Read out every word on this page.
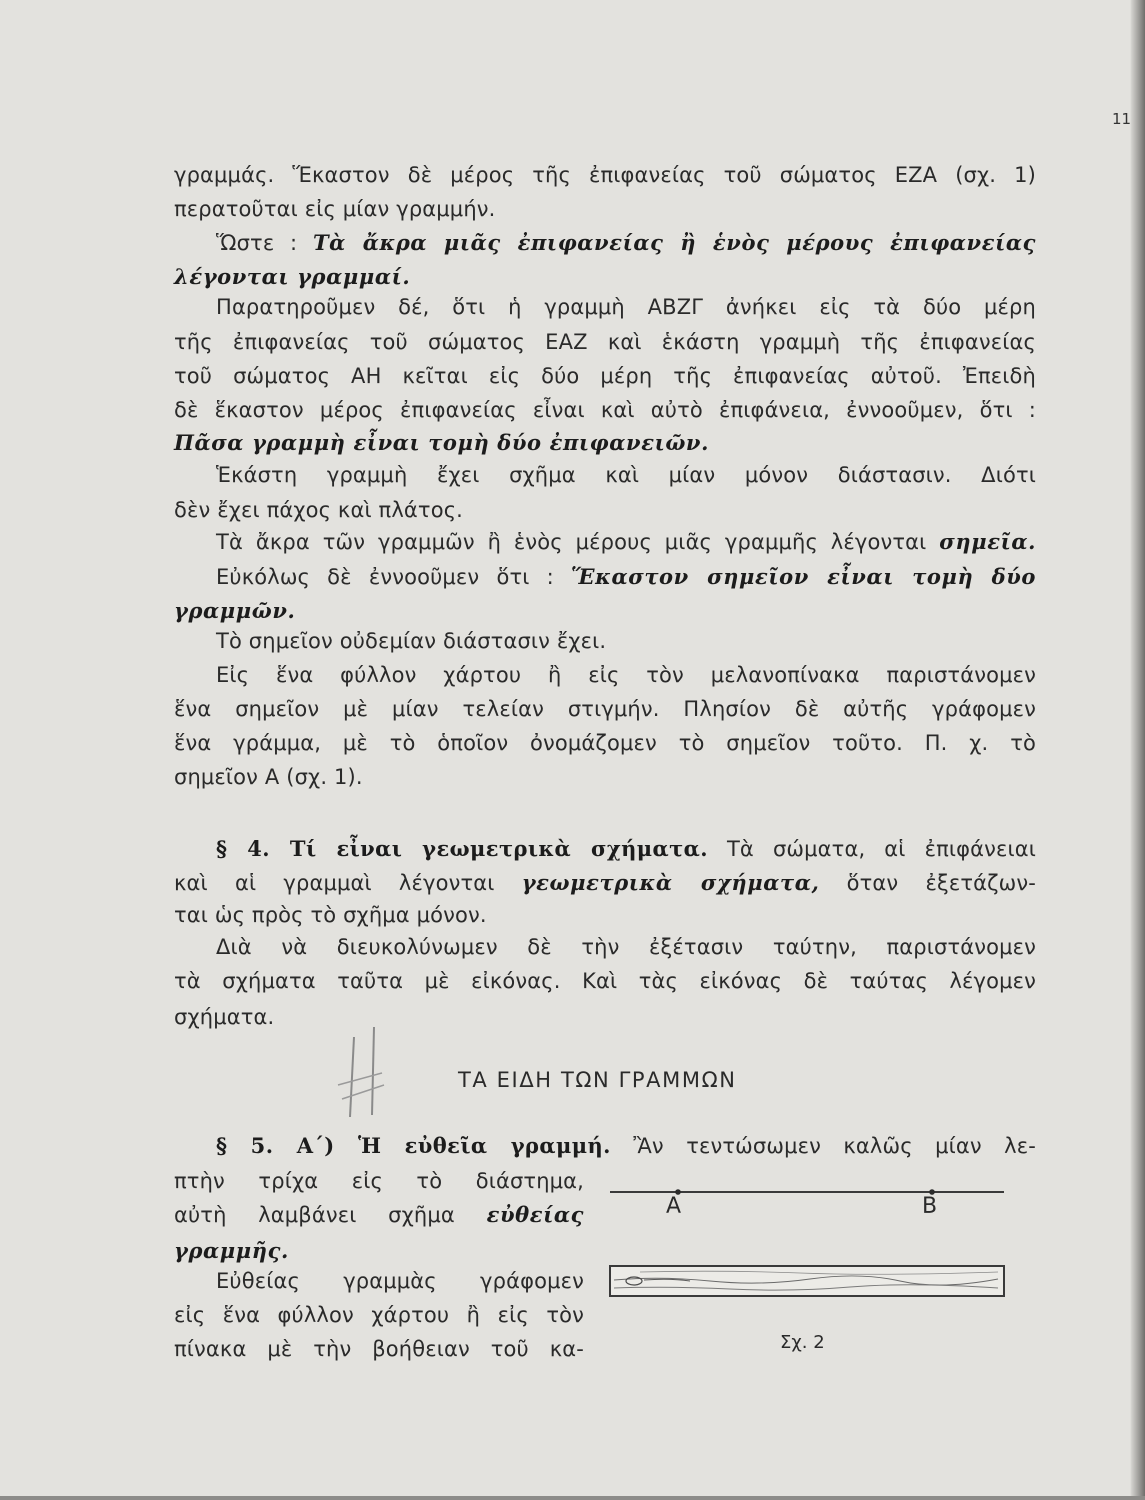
11
γραμμάς. Ἕκαστον δὲ μέρος τῆς ἐπιφανείας τοῦ σώματος ΕΖΑ (σχ. 1)
περατοῦται εἰς μίαν γραμμήν.
Ὥστε : Τὰ ἄκρα μιᾶς ἐπιφανείας ἢ ἑνὸς μέρους ἐπιφανείας
λέγονται γραμμαί.
Παρατηροῦμεν δέ, ὅτι ἡ γραμμὴ ΑΒΖΓ ἀνήκει εἰς τὰ δύο μέρη
τῆς ἐπιφανείας τοῦ σώματος ΕΑΖ καὶ ἑκάστη γραμμὴ τῆς ἐπιφανείας
τοῦ σώματος ΑΗ κεῖται εἰς δύο μέρη τῆς ἐπιφανείας αὐτοῦ. Ἐπειδὴ
δὲ ἕκαστον μέρος ἐπιφανείας εἶναι καὶ αὐτὸ ἐπιφάνεια, ἐννοοῦμεν, ὅτι :
Πᾶσα γραμμὴ εἶναι τομὴ δύο ἐπιφανειῶν.
Ἑκάστη γραμμὴ ἔχει σχῆμα καὶ μίαν μόνον διάστασιν. Διότι
δὲν ἔχει πάχος καὶ πλάτος.
Τὰ ἄκρα τῶν γραμμῶν ἢ ἑνὸς μέρους μιᾶς γραμμῆς λέγονται σημεῖα.
Εὐκόλως δὲ ἐννοοῦμεν ὅτι : Ἕκαστον σημεῖον εἶναι τομὴ δύο
γραμμῶν.
Τὸ σημεῖον οὐδεμίαν διάστασιν ἔχει.
Εἰς ἕνα φύλλον χάρτου ἢ εἰς τὸν μελανοπίνακα παριστάνομεν
ἕνα σημεῖον μὲ μίαν τελείαν στιγμήν. Πλησίον δὲ αὐτῆς γράφομεν
ἕνα γράμμα, μὲ τὸ ὁποῖον ὀνομάζομεν τὸ σημεῖον τοῦτο. Π. χ. τὸ
σημεῖον Α (σχ. 1).
§ 4. Τί εἶναι γεωμετρικὰ σχήματα. Τὰ σώματα, αἱ ἐπιφάνειαι
καὶ αἱ γραμμαὶ λέγονται γεωμετρικὰ σχήματα, ὅταν ἐξετάζων-
ται ὡς πρὸς τὸ σχῆμα μόνον.
Διὰ νὰ διευκολύνωμεν δὲ τὴν ἐξέτασιν ταύτην, παριστάνομεν
τὰ σχήματα ταῦτα μὲ εἰκόνας. Καὶ τὰς εἰκόνας δὲ ταύτας λέγομεν
σχήματα.
ΤΑ ΕΙΔΗ ΤΩΝ ΓΡΑΜΜΩΝ
§ 5. Α΄) Ἡ εὐθεῖα γραμμή. Ἂν τεντώσωμεν καλῶς μίαν λε-
πτὴν τρίχα εἰς τὸ διάστημα,
αὐτὴ λαμβάνει σχῆμα εὐθείας
γραμμῆς.
Εὐθείας γραμμὰς γράφομεν
εἰς ἕνα φύλλον χάρτου ἢ εἰς τὸν
πίνακα μὲ τὴν βοήθειαν τοῦ κα-
Α	Β
Σχ. 2
